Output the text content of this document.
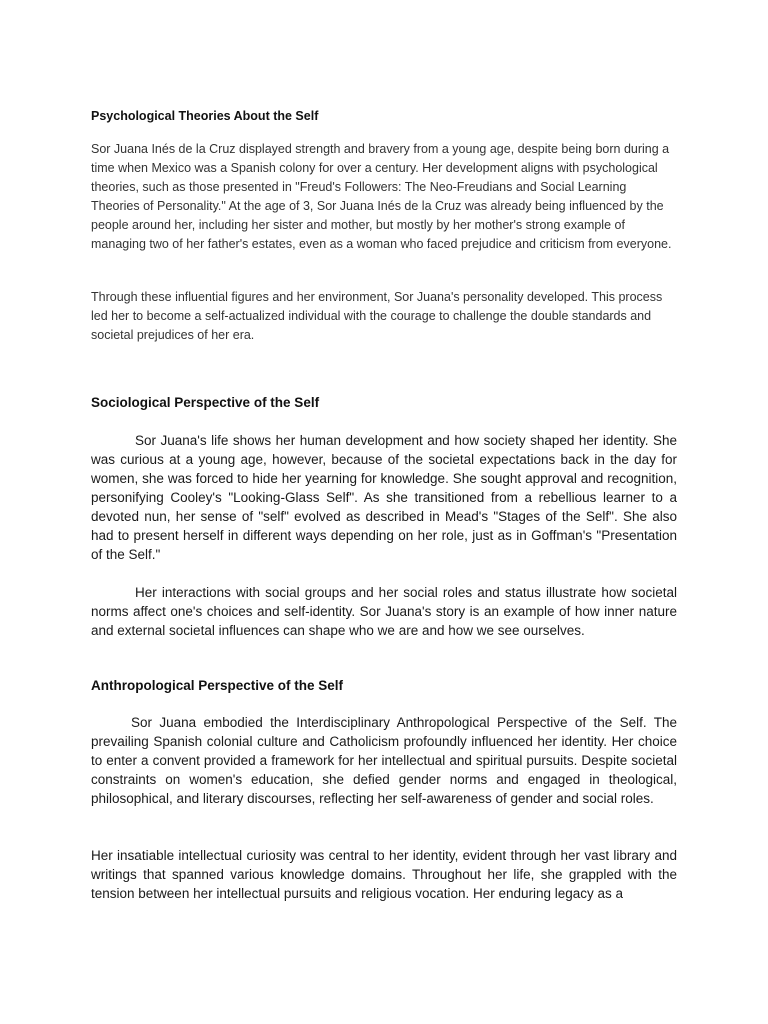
Psychological Theories About the Self

Sor Juana Inés de la Cruz displayed strength and bravery from a young age, despite being born during a time when Mexico was a Spanish colony for over a century. Her development aligns with psychological theories, such as those presented in "Freud's Followers: The Neo-Freudians and Social Learning Theories of Personality." At the age of 3, Sor Juana Inés de la Cruz was already being influenced by the people around her, including her sister and mother, but mostly by her mother's strong example of managing two of her father's estates, even as a woman who faced prejudice and criticism from everyone.

Through these influential figures and her environment, Sor Juana's personality developed. This process led her to become a self-actualized individual with the courage to challenge the double standards and societal prejudices of her era.

Sociological Perspective of the Self

Sor Juana's life shows her human development and how society shaped her identity. She was curious at a young age, however, because of the societal expectations back in the day for women, she was forced to hide her yearning for knowledge. She sought approval and recognition, personifying Cooley's "Looking-Glass Self". As she transitioned from a rebellious learner to a devoted nun, her sense of "self" evolved as described in Mead's "Stages of the Self". She also had to present herself in different ways depending on her role, just as in Goffman's "Presentation of the Self."

Her interactions with social groups and her social roles and status illustrate how societal norms affect one's choices and self-identity. Sor Juana's story is an example of how inner nature and external societal influences can shape who we are and how we see ourselves.

Anthropological Perspective of the Self

Sor Juana embodied the Interdisciplinary Anthropological Perspective of the Self. The prevailing Spanish colonial culture and Catholicism profoundly influenced her identity. Her choice to enter a convent provided a framework for her intellectual and spiritual pursuits. Despite societal constraints on women's education, she defied gender norms and engaged in theological, philosophical, and literary discourses, reflecting her self-awareness of gender and social roles.

Her insatiable intellectual curiosity was central to her identity, evident through her vast library and writings that spanned various knowledge domains. Throughout her life, she grappled with the tension between her intellectual pursuits and religious vocation. Her enduring legacy as a
